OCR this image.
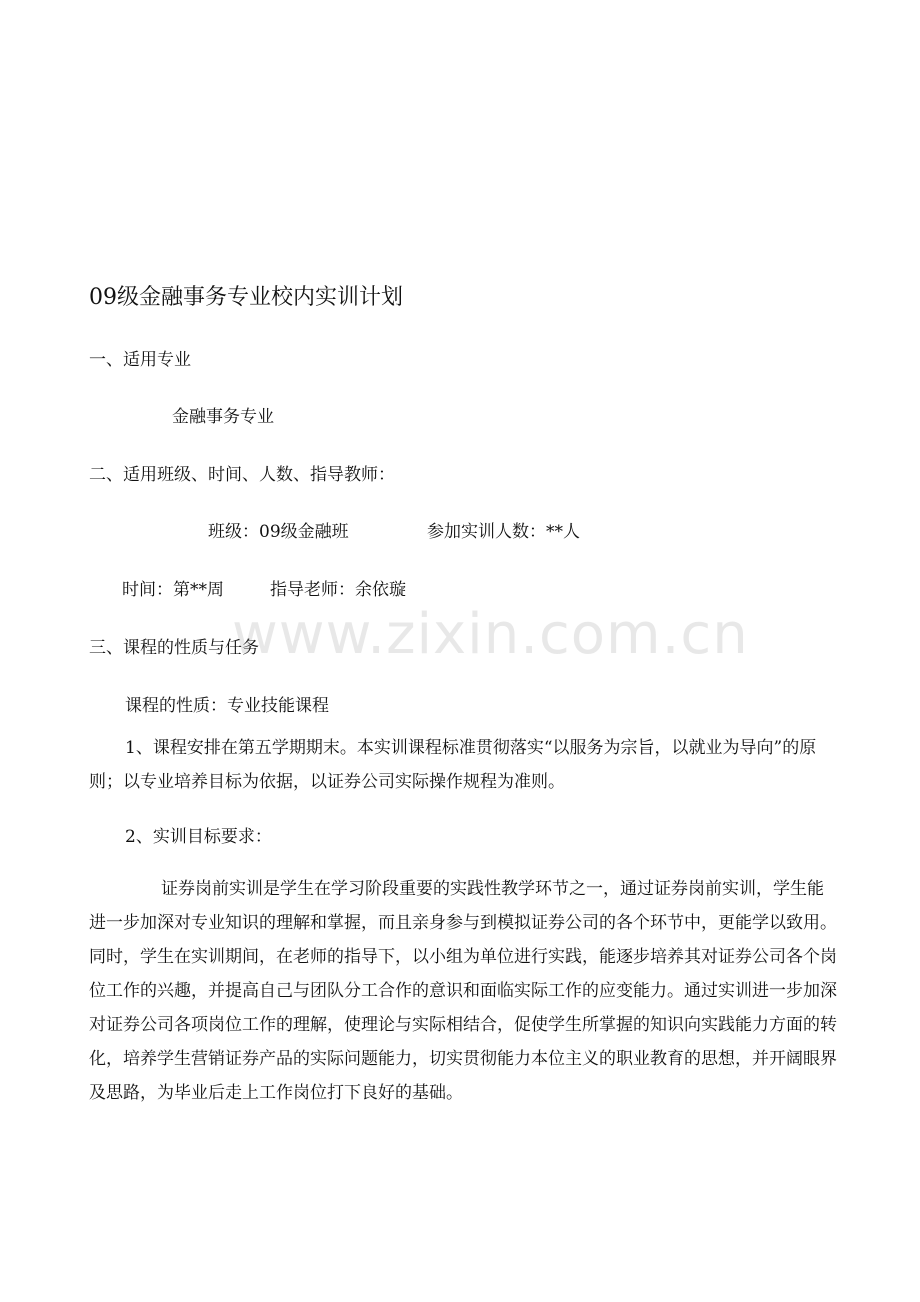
09级金融事务专业校内实训计划
一、适用专业
金融事务专业
二、适用班级、时间、人数、指导教师：
班级：09级金融班	参加实训人数：**人
时间：第**周	指导老师：余依璇
三、课程的性质与任务
课程的性质：专业技能课程
1、课程安排在第五学期期末。本实训课程标准贯彻落实“以服务为宗旨，以就业为导向”的原则；以专业培养目标为依据，以证券公司实际操作规程为准则。
2、实训目标要求：
证券岗前实训是学生在学习阶段重要的实践性教学环节之一，通过证券岗前实训，学生能进一步加深对专业知识的理解和掌握，而且亲身参与到模拟证券公司的各个环节中，更能学以致用。同时，学生在实训期间，在老师的指导下，以小组为单位进行实践，能逐步培养其对证券公司各个岗位工作的兴趣，并提高自己与团队分工合作的意识和面临实际工作的应变能力。通过实训进一步加深对证券公司各项岗位工作的理解，使理论与实际相结合，促使学生所掌握的知识向实践能力方面的转化，培养学生营销证券产品的实际问题能力，切实贯彻能力本位主义的职业教育的思想，并开阔眼界及思路，为毕业后走上工作岗位打下良好的基础。
www.zixin.com.cn
